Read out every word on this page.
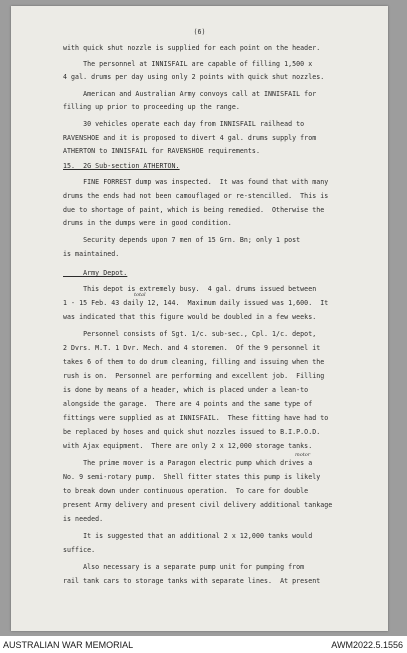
(6)
with quick shut nozzle is supplied for each point on the header.
The personnel at INNISFAIL are capable of filling 1,500 x
4 gal. drums per day using only 2 points with quick shut nozzles.
American and Australian Army convoys call at INNISFAIL for
filling up prior to proceeding up the range.
30 vehicles operate each day from INNISFAIL railhead to
RAVENSHOE and it is proposed to divert 4 gal. drums supply from
ATHERTON to INNISFAIL for RAVENSHOE requirements.
15.  2G Sub-section ATHERTON.
FINE FORREST dump was inspected.  It was found that with many
drums the ends had not been camouflaged or re-stencilled.  This is
due to shortage of paint, which is being remedied.  Otherwise the
drums in the dumps were in good condition.
Security depends upon 7 men of 15 Grn. Bn; only 1 post
is maintained.
Army Depot.
This depot is extremely busy.  4 gal. drums issued between
1 - 15 Feb. 43 daily 12, 144.  Maximum daily issued was 1,600.  It
was indicated that this figure would be doubled in a few weeks.
Personnel consists of Sgt. 1/c. sub-sec., Cpl. 1/c. depot,
2 Dvrs. M.T. 1 Dvr. Mech. and 4 storemen.  Of the 9 personnel it
takes 6 of them to do drum cleaning, filling and issuing when the
rush is on.  Personnel are performing and excellent job.  Filling
is done by means of a header, which is placed under a lean-to
alongside the garage.  There are 4 points and the same type of
fittings were supplied as at INNISFAIL.  These fitting have had to
be replaced by hoses and quick shut nozzles issued to B.I.P.O.D.
with Ajax equipment.  There are only 2 x 12,000 storage tanks.
The prime mover is a Paragon electric pump which drives a
No. 9 semi-rotary pump.  Shell fitter states this pump is likely
to break down under continuous operation.  To care for double
present Army delivery and present civil delivery additional tankage
is needed.
It is suggested that an additional 2 x 12,000 tanks would
suffice.
Also necessary is a separate pump unit for pumping from
rail tank cars to storage tanks with separate lines.  At present
total
motor
AUSTRALIAN WAR MEMORIAL	AWM2022.5.1556
